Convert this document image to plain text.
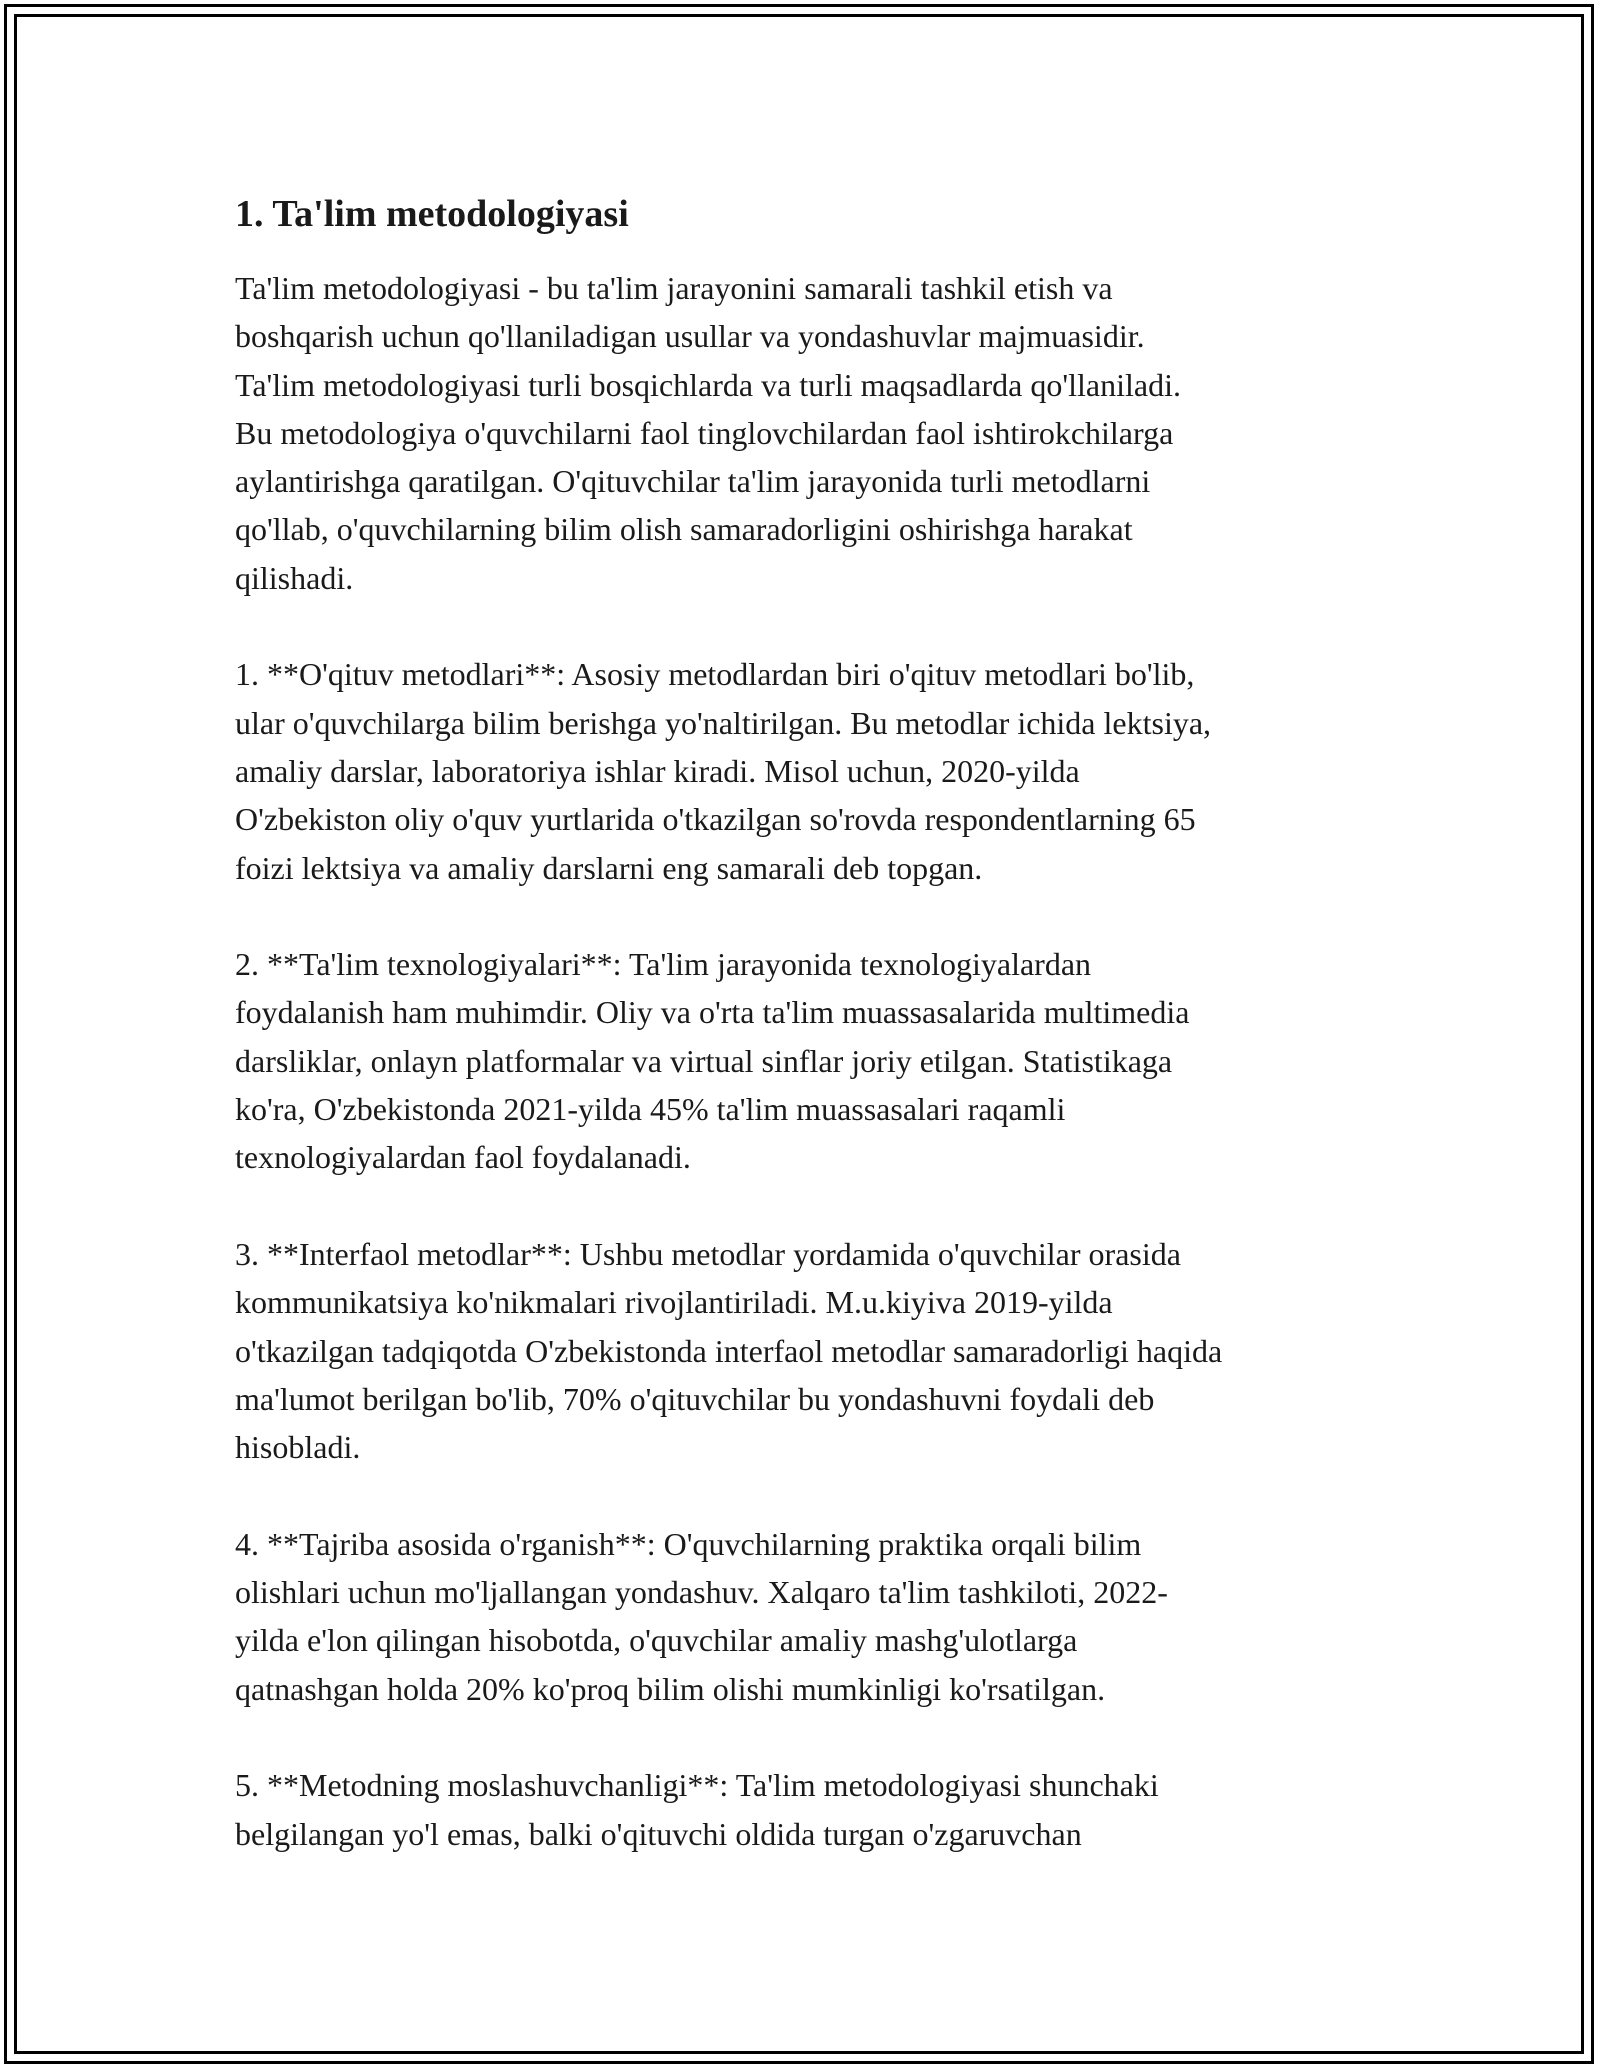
1. Ta'lim metodologiyasi

Ta'lim metodologiyasi - bu ta'lim jarayonini samarali tashkil etish va
boshqarish uchun qo'llaniladigan usullar va yondashuvlar majmuasidir.
Ta'lim metodologiyasi turli bosqichlarda va turli maqsadlarda qo'llaniladi.
Bu metodologiya o'quvchilarni faol tinglovchilardan faol ishtirokchilarga
aylantirishga qaratilgan. O'qituvchilar ta'lim jarayonida turli metodlarni
qo'llab, o'quvchilarning bilim olish samaradorligini oshirishga harakat
qilishadi.

1. **O'qituv metodlari**: Asosiy metodlardan biri o'qituv metodlari bo'lib,
ular o'quvchilarga bilim berishga yo'naltirilgan. Bu metodlar ichida lektsiya,
amaliy darslar, laboratoriya ishlar kiradi. Misol uchun, 2020-yilda
O'zbekiston oliy o'quv yurtlarida o'tkazilgan so'rovda respondentlarning 65
foizi lektsiya va amaliy darslarni eng samarali deb topgan.

2. **Ta'lim texnologiyalari**: Ta'lim jarayonida texnologiyalardan
foydalanish ham muhimdir. Oliy va o'rta ta'lim muassasalarida multimedia
darsliklar, onlayn platformalar va virtual sinflar joriy etilgan. Statistikaga
ko'ra, O'zbekistonda 2021-yilda 45% ta'lim muassasalari raqamli
texnologiyalardan faol foydalanadi.

3. **Interfaol metodlar**: Ushbu metodlar yordamida o'quvchilar orasida
kommunikatsiya ko'nikmalari rivojlantiriladi. M.u.kiyiva 2019-yilda
o'tkazilgan tadqiqotda O'zbekistonda interfaol metodlar samaradorligi haqida
ma'lumot berilgan bo'lib, 70% o'qituvchilar bu yondashuvni foydali deb
hisobladi.

4. **Tajriba asosida o'rganish**: O'quvchilarning praktika orqali bilim
olishlari uchun mo'ljallangan yondashuv. Xalqaro ta'lim tashkiloti, 2022-
yilda e'lon qilingan hisobotda, o'quvchilar amaliy mashg'ulotlarga
qatnashgan holda 20% ko'proq bilim olishi mumkinligi ko'rsatilgan.

5. **Metodning moslashuvchanligi**: Ta'lim metodologiyasi shunchaki
belgilangan yo'l emas, balki o'qituvchi oldida turgan o'zgaruvchan
